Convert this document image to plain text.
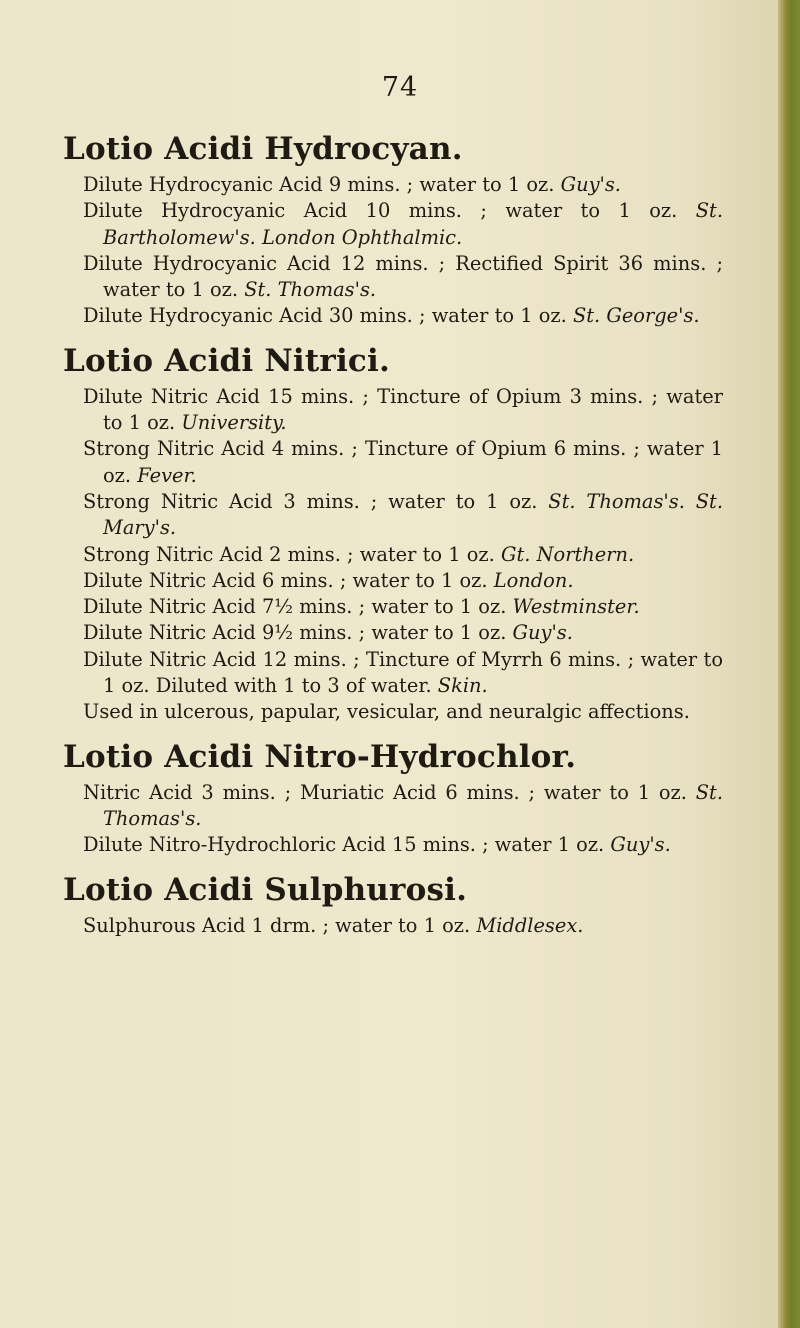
74
Lotio Acidi Hydrocyan.

Dilute Hydrocyanic Acid 9 mins. ; water to 1 oz. Guy's.

Dilute Hydrocyanic Acid 10 mins. ; water to 1 oz. St. Bartholomew's. London Ophthalmic.

Dilute Hydrocyanic Acid 12 mins. ; Rectified Spirit 36 mins. ; water to 1 oz. St. Thomas's.

Dilute Hydrocyanic Acid 30 mins. ; water to 1 oz. St. George's.

Lotio Acidi Nitrici.

Dilute Nitric Acid 15 mins. ; Tincture of Opium 3 mins. ; water to 1 oz. University.

Strong Nitric Acid 4 mins. ; Tincture of Opium 6 mins. ; water 1 oz. Fever.

Strong Nitric Acid 3 mins. ; water to 1 oz. St. Thomas's. St. Mary's.

Strong Nitric Acid 2 mins. ; water to 1 oz. Gt. Northern.

Dilute Nitric Acid 6 mins. ; water to 1 oz. London.

Dilute Nitric Acid 7½ mins. ; water to 1 oz. Westminster.

Dilute Nitric Acid 9½ mins. ; water to 1 oz. Guy's.

Dilute Nitric Acid 12 mins. ; Tincture of Myrrh 6 mins. ; water to 1 oz. Diluted with 1 to 3 of water. Skin.

Used in ulcerous, papular, vesicular, and neuralgic affections.

Lotio Acidi Nitro-Hydrochlor.

Nitric Acid 3 mins. ; Muriatic Acid 6 mins. ; water to 1 oz. St. Thomas's.

Dilute Nitro-Hydrochloric Acid 15 mins. ; water 1 oz. Guy's.

Lotio Acidi Sulphurosi.

Sulphurous Acid 1 drm. ; water to 1 oz. Middlesex.
